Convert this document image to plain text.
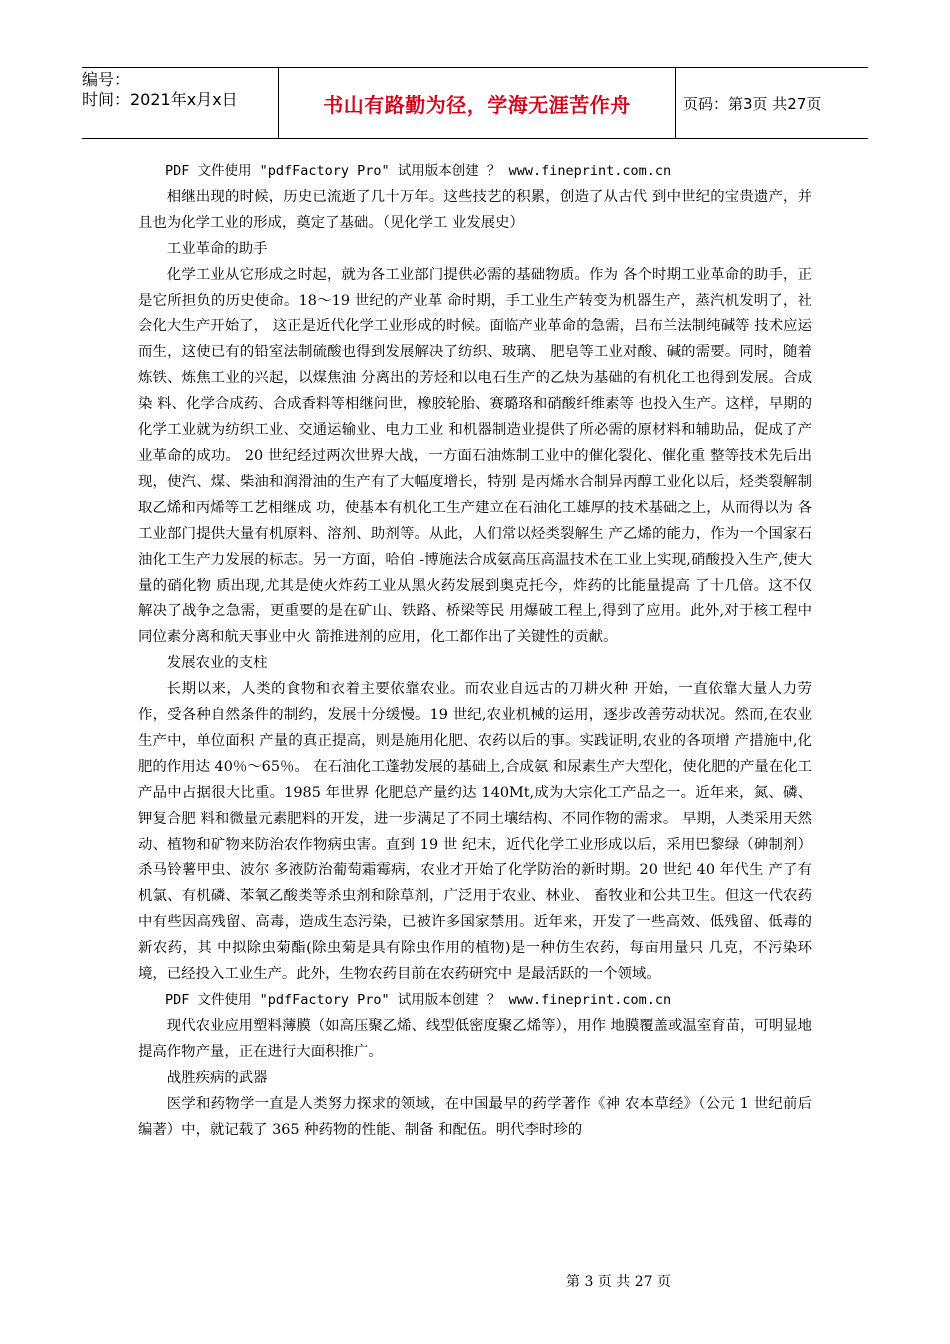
编号：
时间：2021年x月x日	书山有路勤为径，学海无涯苦作舟	页码：第3页 共27页

PDF 文件使用 "pdfFactory Pro" 试用版本创建 ？ www.fineprint.com.cn

相继出现的时候，历史已流逝了几十万年。这些技艺的积累，创造了从古代 到中世纪的宝贵遗产，并且也为化学工业的形成，奠定了基础。（见化学工 业发展史）

工业革命的助手

化学工业从它形成之时起，就为各工业部门提供必需的基础物质。作为 各个时期工业革命的助手，正是它所担负的历史使命。18～19 世纪的产业革 命时期，手工业生产转变为机器生产，蒸汽机发明了，社会化大生产开始了， 这正是近代化学工业形成的时候。面临产业革命的急需，吕布兰法制纯碱等 技术应运而生，这使已有的铅室法制硫酸也得到发展解决了纺织、玻璃、 肥皂等工业对酸、碱的需要。同时，随着炼铁、炼焦工业的兴起，以煤焦油 分离出的芳烃和以电石生产的乙炔为基础的有机化工也得到发展。合成染 料、化学合成药、合成香料等相继问世，橡胶轮胎、赛璐珞和硝酸纤维素等 也投入生产。这样，早期的化学工业就为纺织工业、交通运输业、电力工业 和机器制造业提供了所必需的原材料和辅助品，促成了产业革命的成功。 20 世纪经过两次世界大战，一方面石油炼制工业中的催化裂化、催化重 整等技术先后出现，使汽、煤、柴油和润滑油的生产有了大幅度增长，特别 是丙烯水合制异丙醇工业化以后，烃类裂解制取乙烯和丙烯等工艺相继成 功，使基本有机化工生产建立在石油化工雄厚的技术基础之上，从而得以为 各工业部门提供大量有机原料、溶剂、助剂等。从此，人们常以烃类裂解生 产乙烯的能力，作为一个国家石油化工生产力发展的标志。另一方面，哈伯 -博施法合成氨高压高温技术在工业上实现,硝酸投入生产,使大量的硝化物 质出现,尤其是使火炸药工业从黑火药发展到奥克托今，炸药的比能量提高 了十几倍。这不仅解决了战争之急需，更重要的是在矿山、铁路、桥梁等民 用爆破工程上,得到了应用。此外,对于核工程中同位素分离和航天事业中火 箭推进剂的应用，化工都作出了关键性的贡献。

发展农业的支柱

长期以来，人类的食物和衣着主要依靠农业。而农业自远古的刀耕火种 开始，一直依靠大量人力劳作，受各种自然条件的制约，发展十分缓慢。19 世纪,农业机械的运用，逐步改善劳动状况。然而,在农业生产中，单位面积 产量的真正提高，则是施用化肥、农药以后的事。实践证明,农业的各项增 产措施中,化肥的作用达 40％～65％。 在石油化工蓬勃发展的基础上,合成氨 和尿素生产大型化，使化肥的产量在化工产品中占据很大比重。1985 年世界 化肥总产量约达 140Mt,成为大宗化工产品之一。近年来，氮、磷、钾复合肥 料和微量元素肥料的开发，进一步满足了不同土壤结构、不同作物的需求。 早期，人类采用天然动、植物和矿物来防治农作物病虫害。直到 19 世 纪末，近代化学工业形成以后，采用巴黎绿（砷制剂）杀马铃薯甲虫、波尔 多液防治葡萄霜霉病，农业才开始了化学防治的新时期。20 世纪 40 年代生 产了有机氯、有机磷、苯氧乙酸类等杀虫剂和除草剂，广泛用于农业、林业、 畜牧业和公共卫生。但这一代农药中有些因高残留、高毒，造成生态污染，已被许多国家禁用。近年来，开发了一些高效、低残留、低毒的新农药，其 中拟除虫菊酯(除虫菊是具有除虫作用的植物)是一种仿生农药，每亩用量只 几克，不污染环境，已经投入工业生产。此外，生物农药目前在农药研究中 是最活跃的一个领域。

PDF 文件使用 "pdfFactory Pro" 试用版本创建 ？ www.fineprint.com.cn

现代农业应用塑料薄膜（如高压聚乙烯、线型低密度聚乙烯等），用作 地膜覆盖或温室育苗，可明显地提高作物产量，正在进行大面积推广。

战胜疾病的武器

医学和药物学一直是人类努力探求的领域，在中国最早的药学著作《神 农本草经》（公元 1 世纪前后编著）中，就记载了 365 种药物的性能、制备 和配伍。明代李时珍的

第 3 页 共 27 页
